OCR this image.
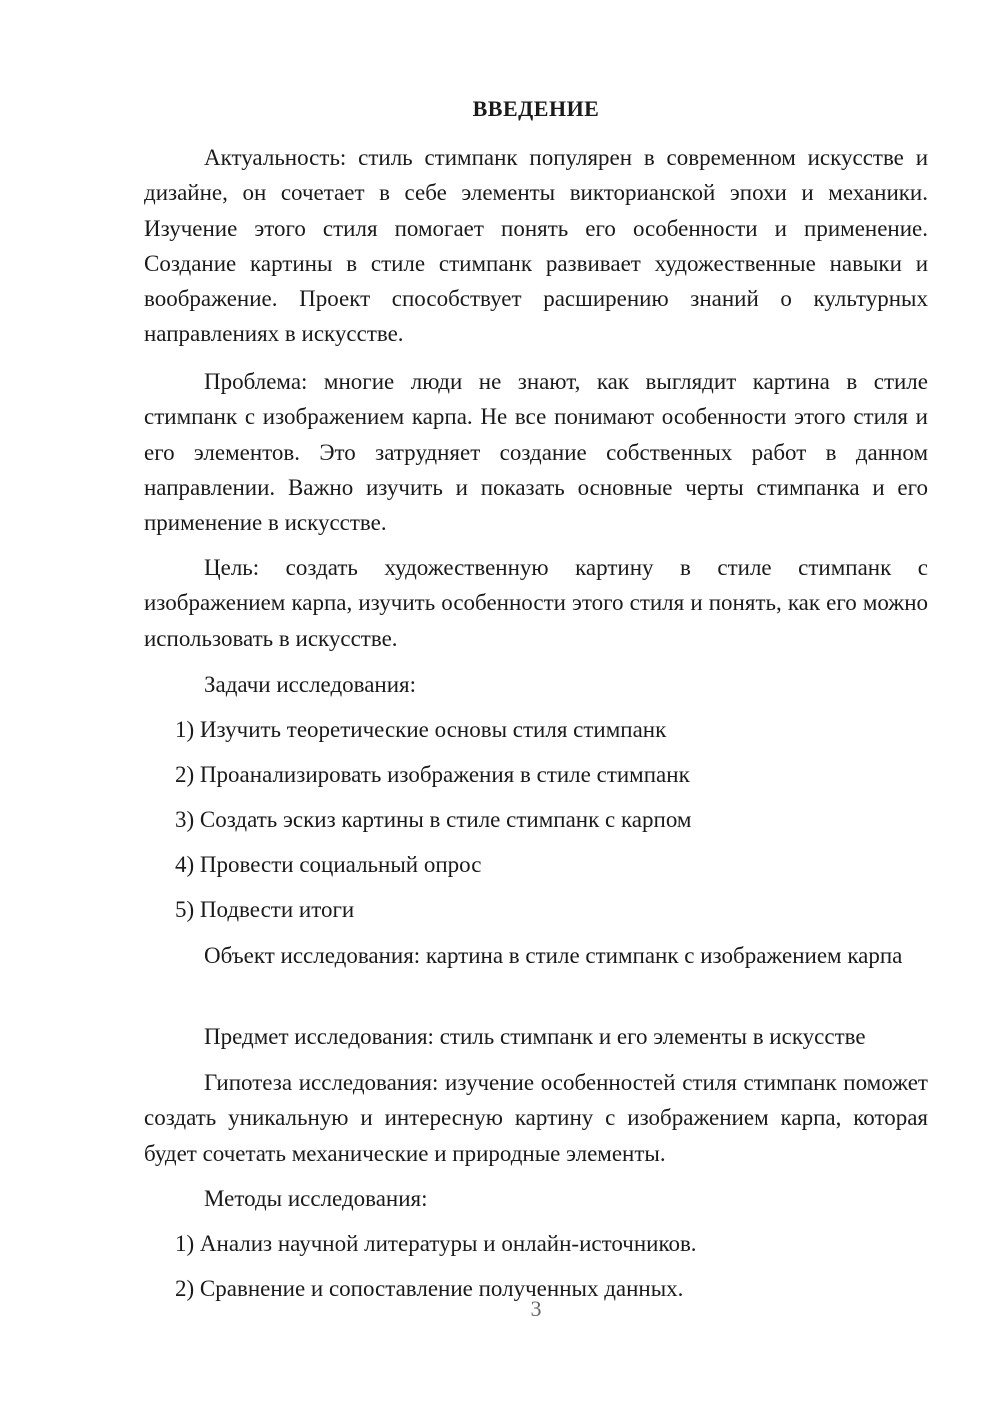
ВВЕДЕНИЕ

Актуальность: стиль стимпанк популярен в современном искусстве и дизайне, он сочетает в себе элементы викторианской эпохи и механики. Изучение этого стиля помогает понять его особенности и применение. Создание картины в стиле стимпанк развивает художественные навыки и воображение. Проект способствует расширению знаний о культурных направлениях в искусстве.

Проблема: многие люди не знают, как выглядит картина в стиле стимпанк с изображением карпа. Не все понимают особенности этого стиля и его элементов. Это затрудняет создание собственных работ в данном направлении. Важно изучить и показать основные черты стимпанка и его применение в искусстве.

Цель: создать художественную картину в стиле стимпанк с изображением карпа, изучить особенности этого стиля и понять, как его можно использовать в искусстве.

Задачи исследования:

1) Изучить теоретические основы стиля стимпанк
2) Проанализировать изображения в стиле стимпанк
3) Создать эскиз картины в стиле стимпанк с карпом
4) Провести социальный опрос
5) Подвести итоги

Объект исследования: картина в стиле стимпанк с изображением карпа

Предмет исследования: стиль стимпанк и его элементы в искусстве

Гипотеза исследования: изучение особенностей стиля стимпанк поможет создать уникальную и интересную картину с изображением карпа, которая будет сочетать механические и природные элементы.

Методы исследования:

1) Анализ научной литературы и онлайн-источников.
2) Сравнение и сопоставление полученных данных.
3
